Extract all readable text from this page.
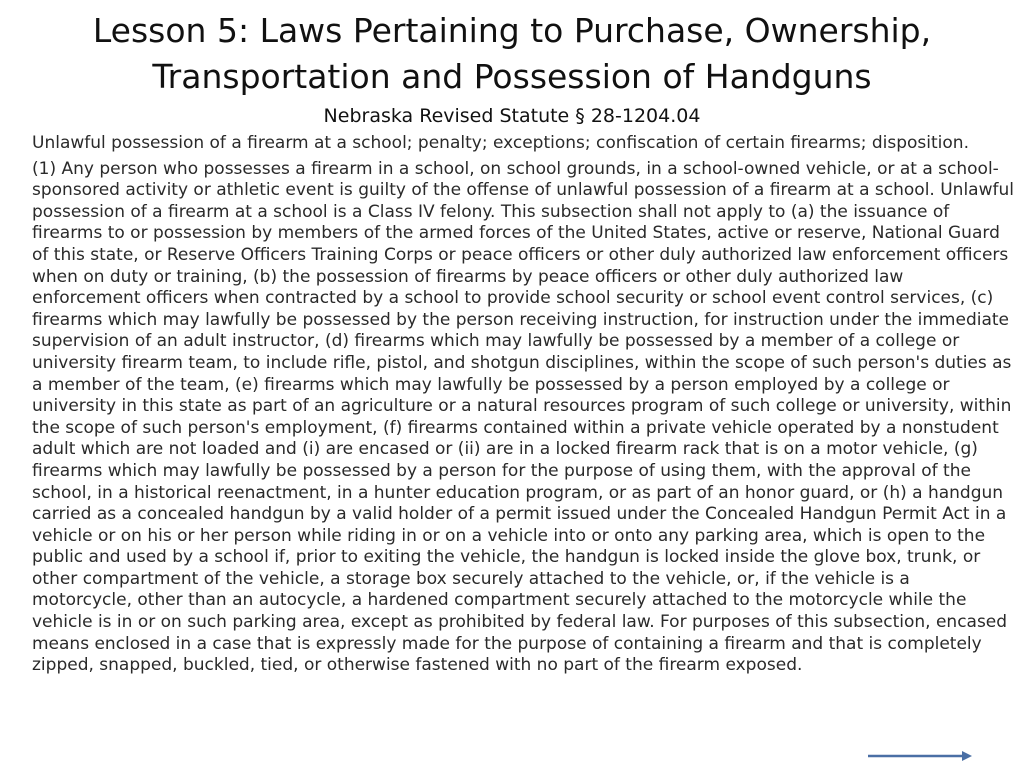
Lesson 5: Laws Pertaining to Purchase, Ownership, Transportation and Possession of Handguns
Nebraska Revised Statute § 28-1204.04

Unlawful possession of a firearm at a school; penalty; exceptions; confiscation of certain firearms; disposition.

(1) Any person who possesses a firearm in a school, on school grounds, in a school-owned vehicle, or at a school-sponsored activity or athletic event is guilty of the offense of unlawful possession of a firearm at a school. Unlawful possession of a firearm at a school is a Class IV felony. This subsection shall not apply to (a) the issuance of firearms to or possession by members of the armed forces of the United States, active or reserve, National Guard of this state, or Reserve Officers Training Corps or peace officers or other duly authorized law enforcement officers when on duty or training, (b) the possession of firearms by peace officers or other duly authorized law enforcement officers when contracted by a school to provide school security or school event control services, (c) firearms which may lawfully be possessed by the person receiving instruction, for instruction under the immediate supervision of an adult instructor, (d) firearms which may lawfully be possessed by a member of a college or university firearm team, to include rifle, pistol, and shotgun disciplines, within the scope of such person's duties as a member of the team, (e) firearms which may lawfully be possessed by a person employed by a college or university in this state as part of an agriculture or a natural resources program of such college or university, within the scope of such person's employment, (f) firearms contained within a private vehicle operated by a nonstudent adult which are not loaded and (i) are encased or (ii) are in a locked firearm rack that is on a motor vehicle, (g) firearms which may lawfully be possessed by a person for the purpose of using them, with the approval of the school, in a historical reenactment, in a hunter education program, or as part of an honor guard, or (h) a handgun carried as a concealed handgun by a valid holder of a permit issued under the Concealed Handgun Permit Act in a vehicle or on his or her person while riding in or on a vehicle into or onto any parking area, which is open to the public and used by a school if, prior to exiting the vehicle, the handgun is locked inside the glove box, trunk, or other compartment of the vehicle, a storage box securely attached to the vehicle, or, if the vehicle is a motorcycle, other than an autocycle, a hardened compartment securely attached to the motorcycle while the vehicle is in or on such parking area, except as prohibited by federal law. For purposes of this subsection, encased means enclosed in a case that is expressly made for the purpose of containing a firearm and that is completely zipped, snapped, buckled, tied, or otherwise fastened with no part of the firearm exposed.
